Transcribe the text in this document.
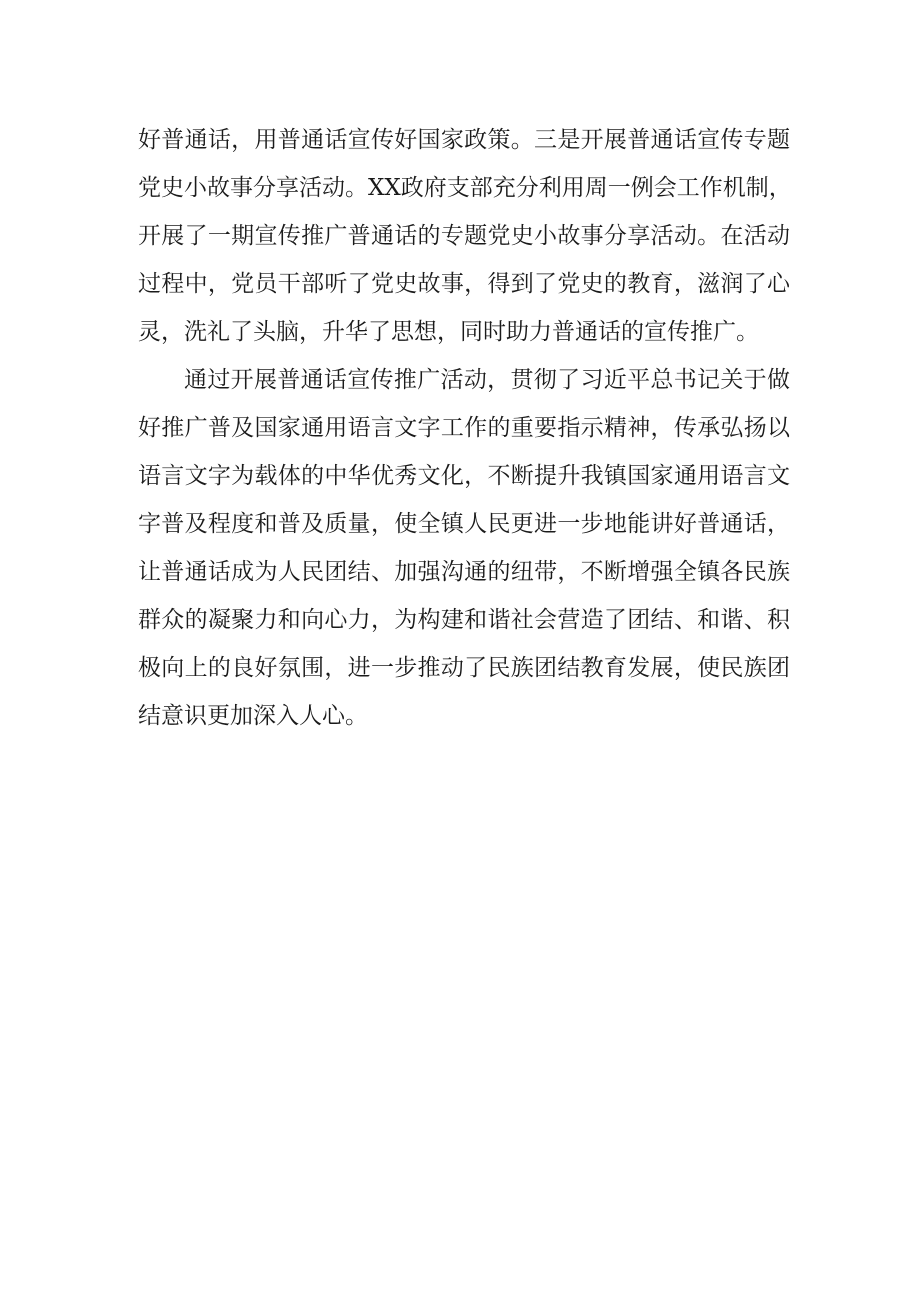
好普通话，用普通话宣传好国家政策。三是开展普通话宣传专题
党史小故事分享活动。XX政府支部充分利用周一例会工作机制，
开展了一期宣传推广普通话的专题党史小故事分享活动。在活动
过程中，党员干部听了党史故事，得到了党史的教育，滋润了心
灵，洗礼了头脑，升华了思想，同时助力普通话的宣传推广。
通过开展普通话宣传推广活动，贯彻了习近平总书记关于做
好推广普及国家通用语言文字工作的重要指示精神，传承弘扬以
语言文字为载体的中华优秀文化，不断提升我镇国家通用语言文
字普及程度和普及质量，使全镇人民更进一步地能讲好普通话，
让普通话成为人民团结、加强沟通的纽带，不断增强全镇各民族
群众的凝聚力和向心力，为构建和谐社会营造了团结、和谐、积
极向上的良好氛围，进一步推动了民族团结教育发展，使民族团
结意识更加深入人心。
